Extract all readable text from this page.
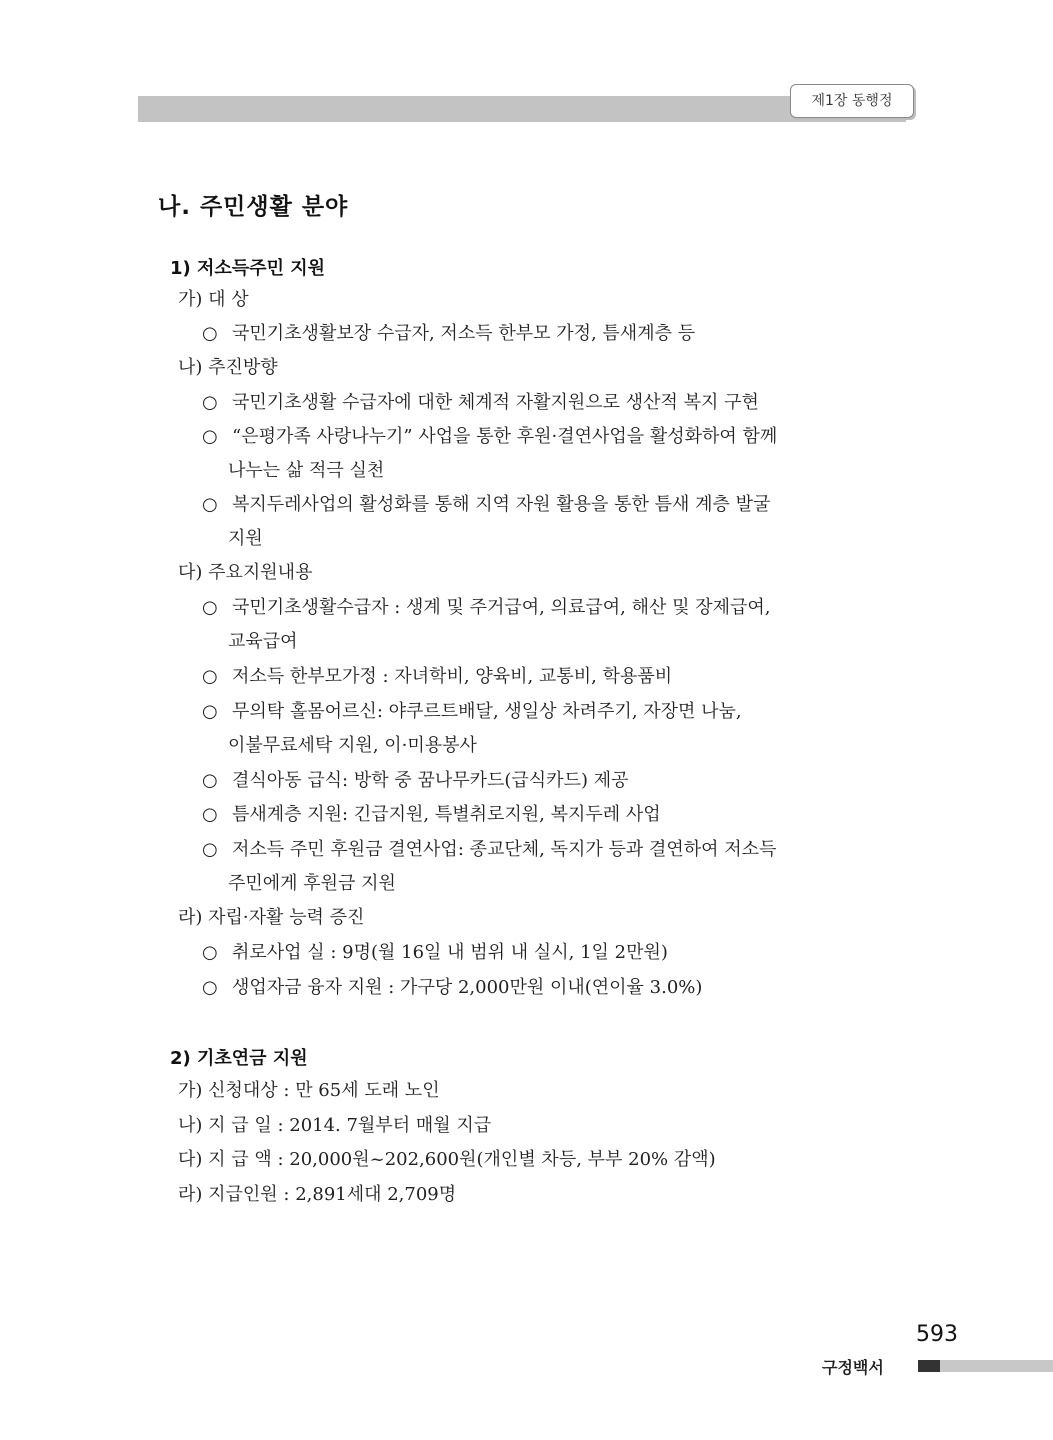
제1장 동행정
나. 주민생활 분야
1) 저소득주민 지원
가) 대 상
○ 국민기초생활보장 수급자, 저소득 한부모 가정, 틈새계층 등
나) 추진방향
○ 국민기초생활 수급자에 대한 체계적 자활지원으로 생산적 복지 구현
○ “은평가족 사랑나누기” 사업을 통한 후원·결연사업을 활성화하여 함께
나누는 삶 적극 실천
○ 복지두레사업의 활성화를 통해 지역 자원 활용을 통한 틈새 계층 발굴
지원
다) 주요지원내용
○ 국민기초생활수급자 : 생계 및 주거급여, 의료급여, 해산 및 장제급여,
교육급여
○ 저소득 한부모가정 : 자녀학비, 양육비, 교통비, 학용품비
○ 무의탁 홀몸어르신: 야쿠르트배달, 생일상 차려주기, 자장면 나눔,
이불무료세탁 지원, 이·미용봉사
○ 결식아동 급식: 방학 중 꿈나무카드(급식카드) 제공
○ 틈새계층 지원: 긴급지원, 특별취로지원, 복지두레 사업
○ 저소득 주민 후원금 결연사업: 종교단체, 독지가 등과 결연하여 저소득
주민에게 후원금 지원
라) 자립·자활 능력 증진
○ 취로사업 실 : 9명(월 16일 내 범위 내 실시, 1일 2만원)
○ 생업자금 융자 지원 : 가구당 2,000만원 이내(연이율 3.0%)
2) 기초연금 지원
가) 신청대상 : 만 65세 도래 노인
나) 지 급 일 : 2014. 7월부터 매월 지급
다) 지 급 액 : 20,000원~202,600원(개인별 차등, 부부 20% 감액)
라) 지급인원 : 2,891세대 2,709명
593
구정백서
